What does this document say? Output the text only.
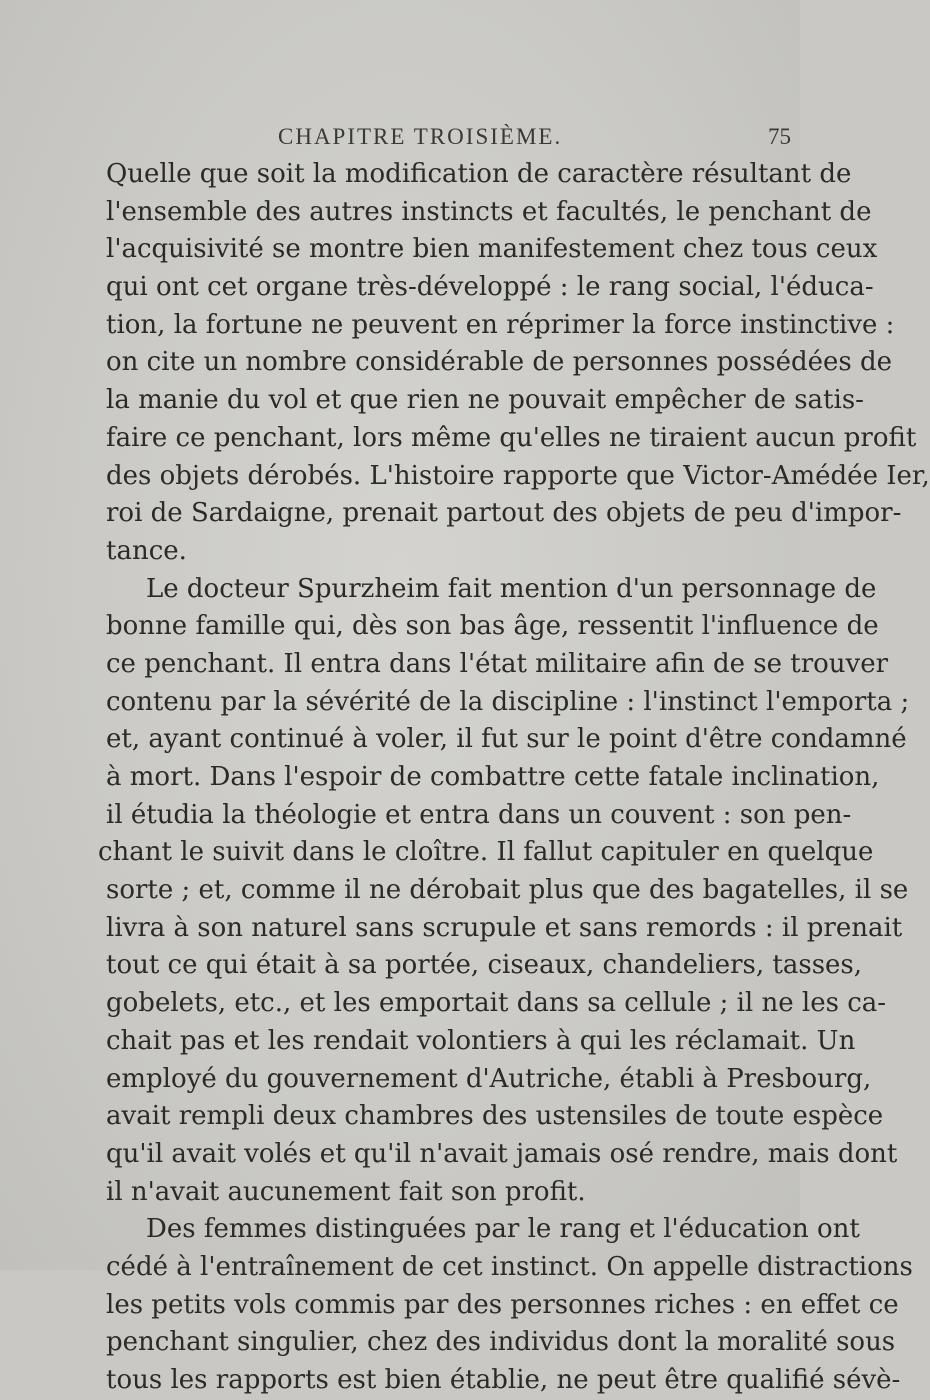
CHAPITRE TROISIÈME.	75
Quelle que soit la modification de caractère résultant de
l'ensemble des autres instincts et facultés, le penchant de
l'acquisivité se montre bien manifestement chez tous ceux
qui ont cet organe très-développé : le rang social, l'éduca-
tion, la fortune ne peuvent en réprimer la force instinctive :
on cite un nombre considérable de personnes possédées de
la manie du vol et que rien ne pouvait empêcher de satis-
faire ce penchant, lors même qu'elles ne tiraient aucun profit
des objets dérobés. L'histoire rapporte que Victor-Amédée Ier,
roi de Sardaigne, prenait partout des objets de peu d'impor-
tance.
Le docteur Spurzheim fait mention d'un personnage de
bonne famille qui, dès son bas âge, ressentit l'influence de
ce penchant. Il entra dans l'état militaire afin de se trouver
contenu par la sévérité de la discipline : l'instinct l'emporta ;
et, ayant continué à voler, il fut sur le point d'être condamné
à mort. Dans l'espoir de combattre cette fatale inclination,
il étudia la théologie et entra dans un couvent : son pen-
chant le suivit dans le cloître. Il fallut capituler en quelque
sorte ; et, comme il ne dérobait plus que des bagatelles, il se
livra à son naturel sans scrupule et sans remords : il prenait
tout ce qui était à sa portée, ciseaux, chandeliers, tasses,
gobelets, etc., et les emportait dans sa cellule ; il ne les ca-
chait pas et les rendait volontiers à qui les réclamait. Un
employé du gouvernement d'Autriche, établi à Presbourg,
avait rempli deux chambres des ustensiles de toute espèce
qu'il avait volés et qu'il n'avait jamais osé rendre, mais dont
il n'avait aucunement fait son profit.
Des femmes distinguées par le rang et l'éducation ont
cédé à l'entraînement de cet instinct. On appelle distractions
les petits vols commis par des personnes riches : en effet ce
penchant singulier, chez des individus dont la moralité sous
tous les rapports est bien établie, ne peut être qualifié sévè-
